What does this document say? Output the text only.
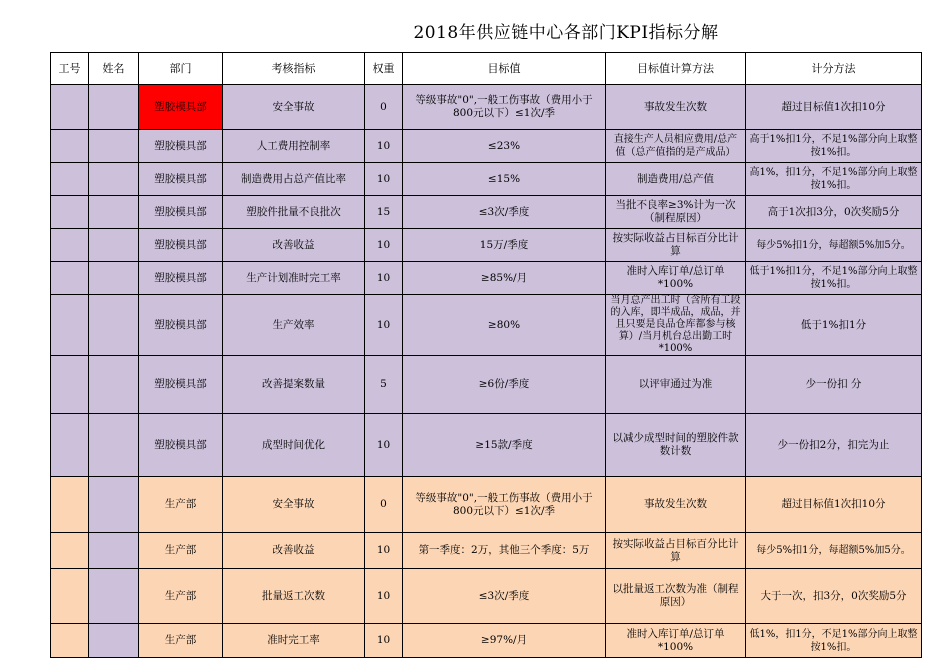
2018年供应链中心各部门KPI指标分解
工号	姓名	部门	考核指标	权重	目标值	目标值计算方法	计分方法
		塑胶模具部	安全事故	0	等级事故"0",一般工伤事故（费用小于800元以下）≤1次/季	事故发生次数	超过目标值1次扣10分
		塑胶模具部	人工费用控制率	10	≤23%	直接生产人员相应费用/总产值（总产值指的是产成品）	高于1%扣1分，不足1%部分向上取整按1%扣。
		塑胶模具部	制造费用占总产值比率	10	≤15%	制造费用/总产值	高1%，扣1分，不足1%部分向上取整按1%扣。
		塑胶模具部	塑胶件批量不良批次	15	≤3次/季度	当批不良率≥3%计为一次（制程原因）	高于1次扣3分，0次奖励5分
		塑胶模具部	改善收益	10	15万/季度	按实际收益占目标百分比计算	每少5%扣1分，每超额5%加5分。
		塑胶模具部	生产计划准时完工率	10	≥85%/月	准时入库订单/总订单*100%	低于1%扣1分，不足1%部分向上取整按1%扣。
		塑胶模具部	生产效率	10	≥80%	当月总产出工时（含所有工段的入库，即半成品，成品，并且只要是良品仓库都参与核算）/当月机台总出勤工时*100%	低于1%扣1分
		塑胶模具部	改善提案数量	5	≥6份/季度	以评审通过为准	少一份扣 分
		塑胶模具部	成型时间优化	10	≥15款/季度	以减少成型时间的塑胶件款数计数	少一份扣2分，扣完为止
		生产部	安全事故	0	等级事故"0",一般工伤事故（费用小于800元以下）≤1次/季	事故发生次数	超过目标值1次扣10分
		生产部	改善收益	10	第一季度：2万，其他三个季度：5万	按实际收益占目标百分比计算	每少5%扣1分，每超额5%加5分。
		生产部	批量返工次数	10	≤3次/季度	以批量返工次数为准（制程原因）	大于一次，扣3分，0次奖励5分
		生产部	准时完工率	10	≥97%/月	准时入库订单/总订单*100%	低1%，扣1分，不足1%部分向上取整按1%扣。
